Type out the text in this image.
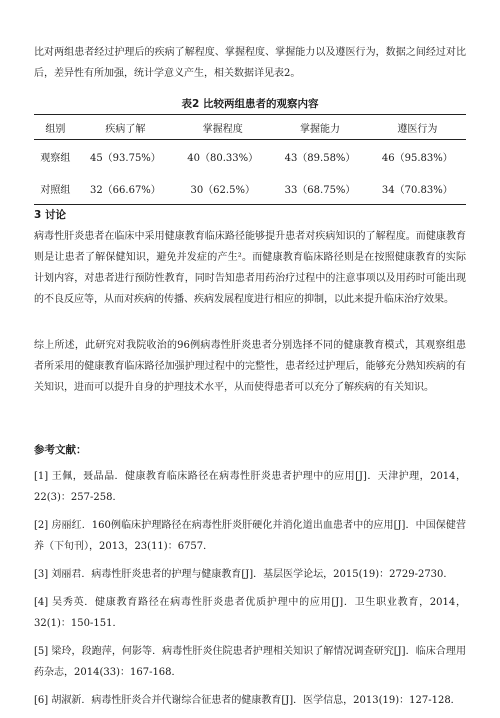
比对两组患者经过护理后的疾病了解程度、掌握程度、掌握能力以及遵医行为，数据之间经过对比后，差异性有所加强，统计学意义产生，相关数据详见表2。

表2 比较两组患者的观察内容
组别	疾病了解	掌握程度	掌握能力	遵医行为
观察组	45（93.75%）	40（80.33%）	43（89.58%）	46（95.83%）
对照组	32（66.67%）	30（62.5%）	33（68.75%）	34（70.83%）
3 讨论

病毒性肝炎患者在临床中采用健康教育临床路径能够提升患者对疾病知识的了解程度。而健康教育则是让患者了解保健知识，避免并发症的产生²。而健康教育临床路径则是在按照健康教育的实际计划内容，对患者进行预防性教育，同时告知患者用药治疗过程中的注意事项以及用药时可能出现的不良反应等，从而对疾病的传播、疾病发展程度进行相应的抑制，以此来提升临床治疗效果。

综上所述，此研究对我院收治的96例病毒性肝炎患者分别选择不同的健康教育模式，其观察组患者所采用的健康教育临床路径加强护理过程中的完整性，患者经过护理后，能够充分熟知疾病的有关知识，进而可以提升自身的护理技术水平，从而使得患者可以充分了解疾病的有关知识。

参考文献：

[1] 王佩，聂晶晶．健康教育临床路径在病毒性肝炎患者护理中的应用[J]．天津护理，2014，22(3)：257-258．

[2] 房丽红．160例临床护理路径在病毒性肝炎肝硬化并消化道出血患者中的应用[J]．中国保健营养（下旬刊），2013，23(11)：6757．

[3] 刘丽君．病毒性肝炎患者的护理与健康教育[J]．基层医学论坛，2015(19)：2729-2730．

[4] 吴秀英．健康教育路径在病毒性肝炎患者优质护理中的应用[J]．卫生职业教育，2014，32(1)：150-151．

[5] 梁玲，段跑萍，何影等．病毒性肝炎住院患者护理相关知识了解情况调查研究[J]．临床合理用药杂志，2014(33)：167-168．

[6] 胡淑新．病毒性肝炎合并代谢综合征患者的健康教育[J]．医学信息，2013(19)：127-128．
